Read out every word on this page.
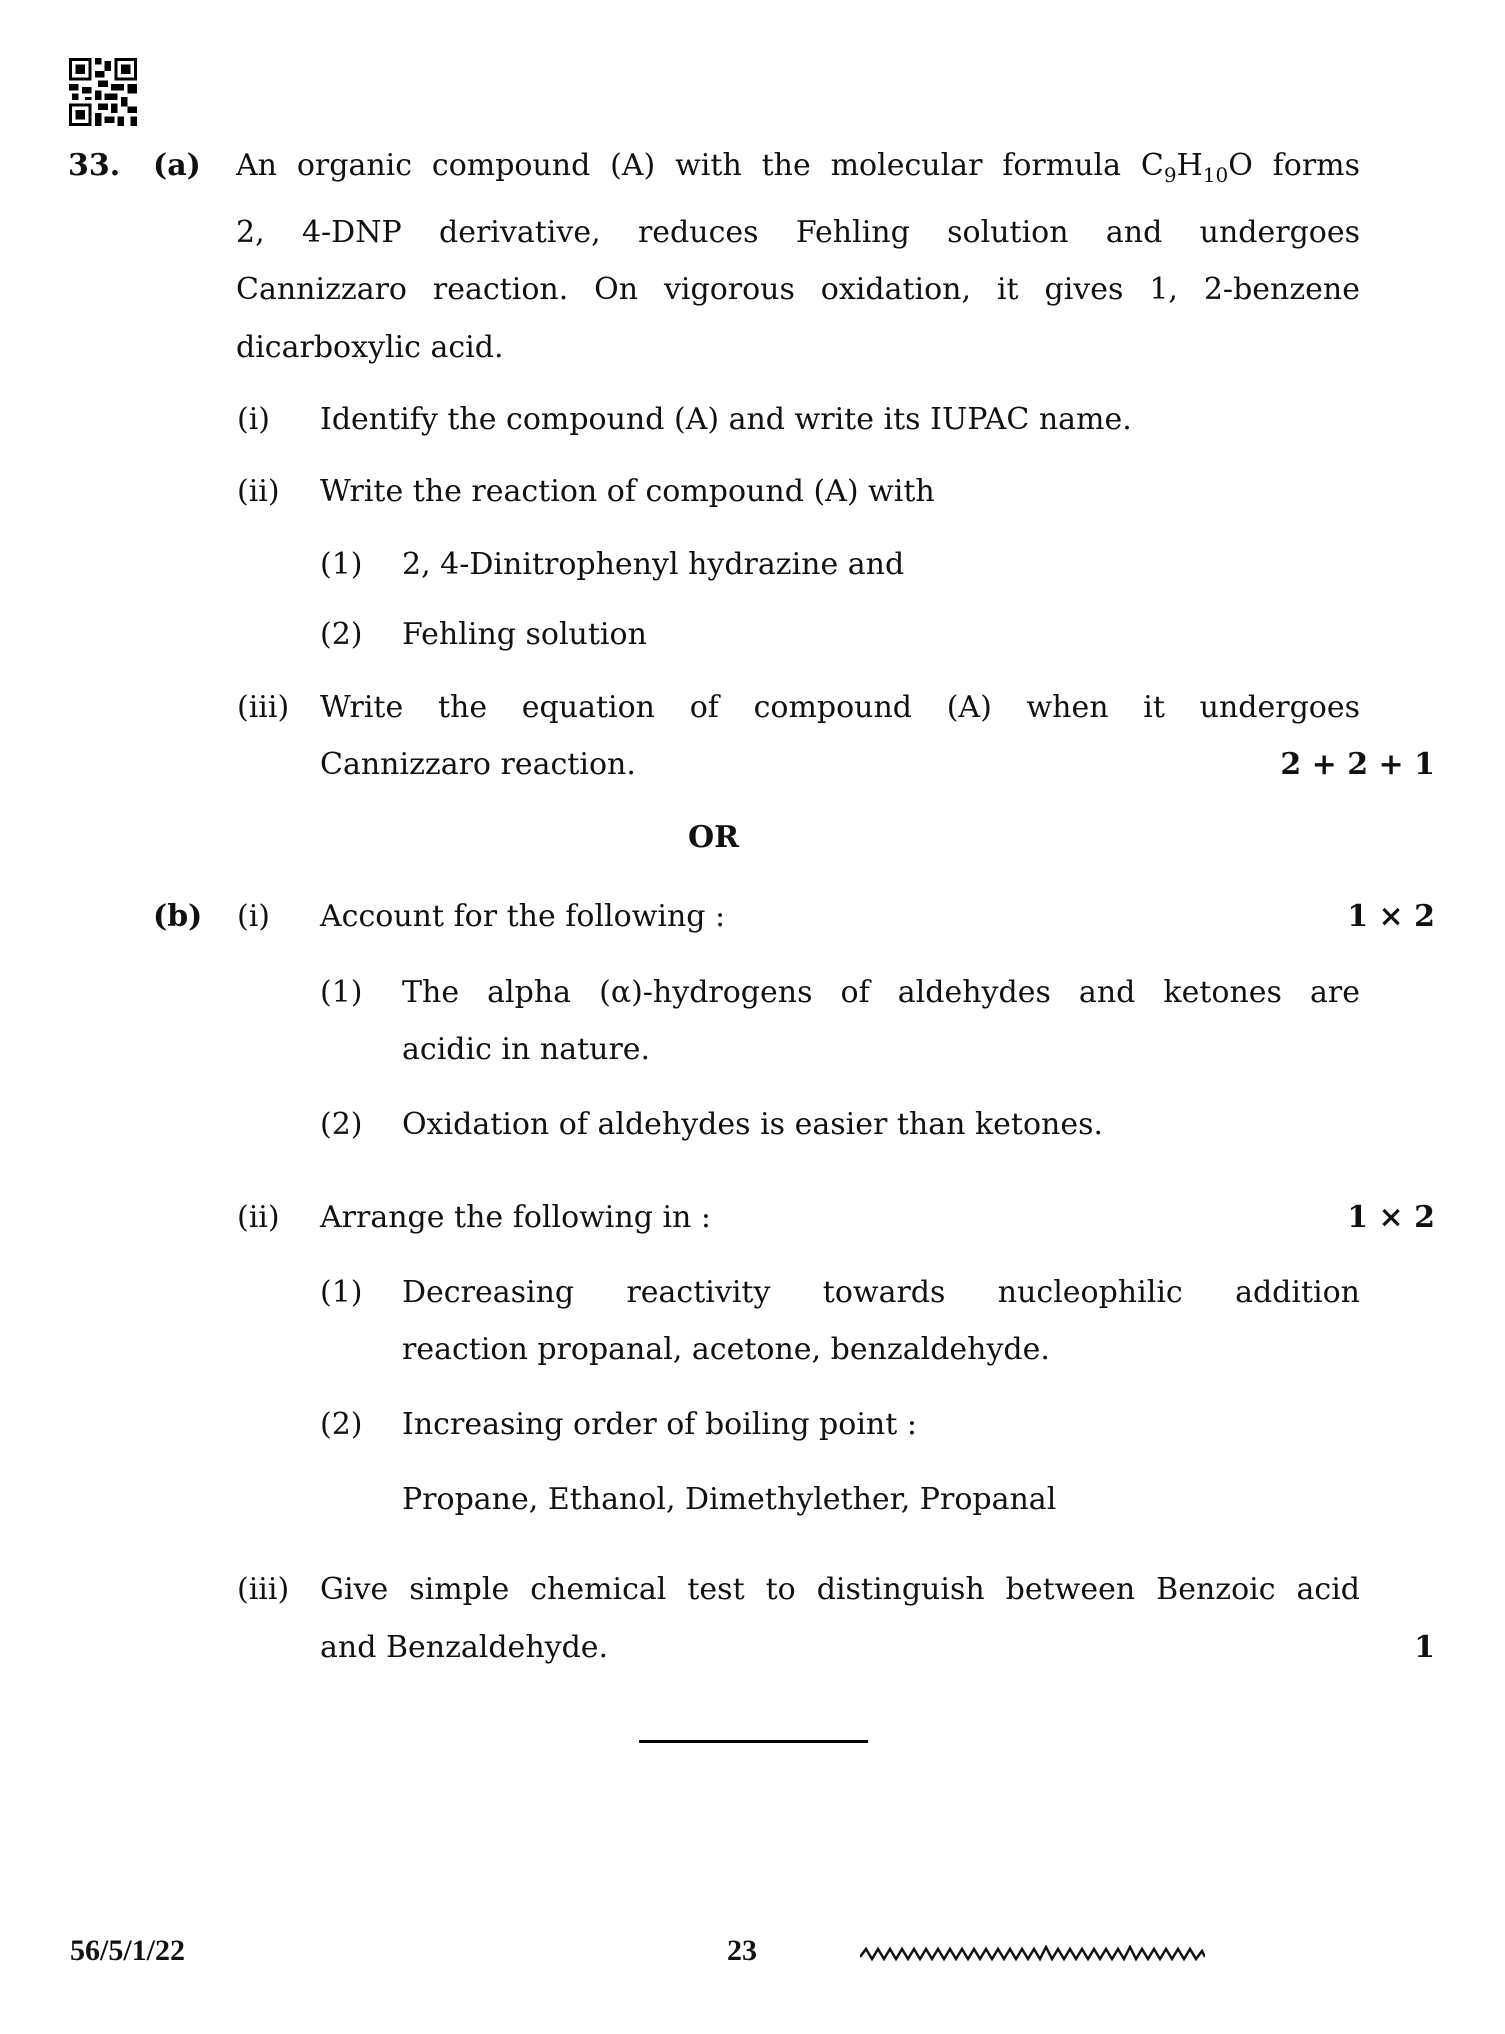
33. (a) An organic compound (A) with the molecular formula $C_9H_{10}O$ forms
2, 4-DNP derivative, reduces Fehling solution and undergoes
Cannizzaro reaction. On vigorous oxidation, it gives 1, 2-benzene
dicarboxylic acid.
(i) Identify the compound (A) and write its IUPAC name.
(ii) Write the reaction of compound (A) with
(1) 2, 4-Dinitrophenyl hydrazine and
(2) Fehling solution
(iii) Write the equation of compound (A) when it undergoes
Cannizzaro reaction.	2 + 2 + 1
OR
(b) (i) Account for the following :	1 × 2
(1) The alpha (α)-hydrogens of aldehydes and ketones are
acidic in nature.
(2) Oxidation of aldehydes is easier than ketones.
(ii) Arrange the following in :	1 × 2
(1) Decreasing reactivity towards nucleophilic addition
reaction propanal, acetone, benzaldehyde.
(2) Increasing order of boiling point :
Propane, Ethanol, Dimethylether, Propanal
(iii) Give simple chemical test to distinguish between Benzoic acid
and Benzaldehyde.	1
56/5/1/22	23
